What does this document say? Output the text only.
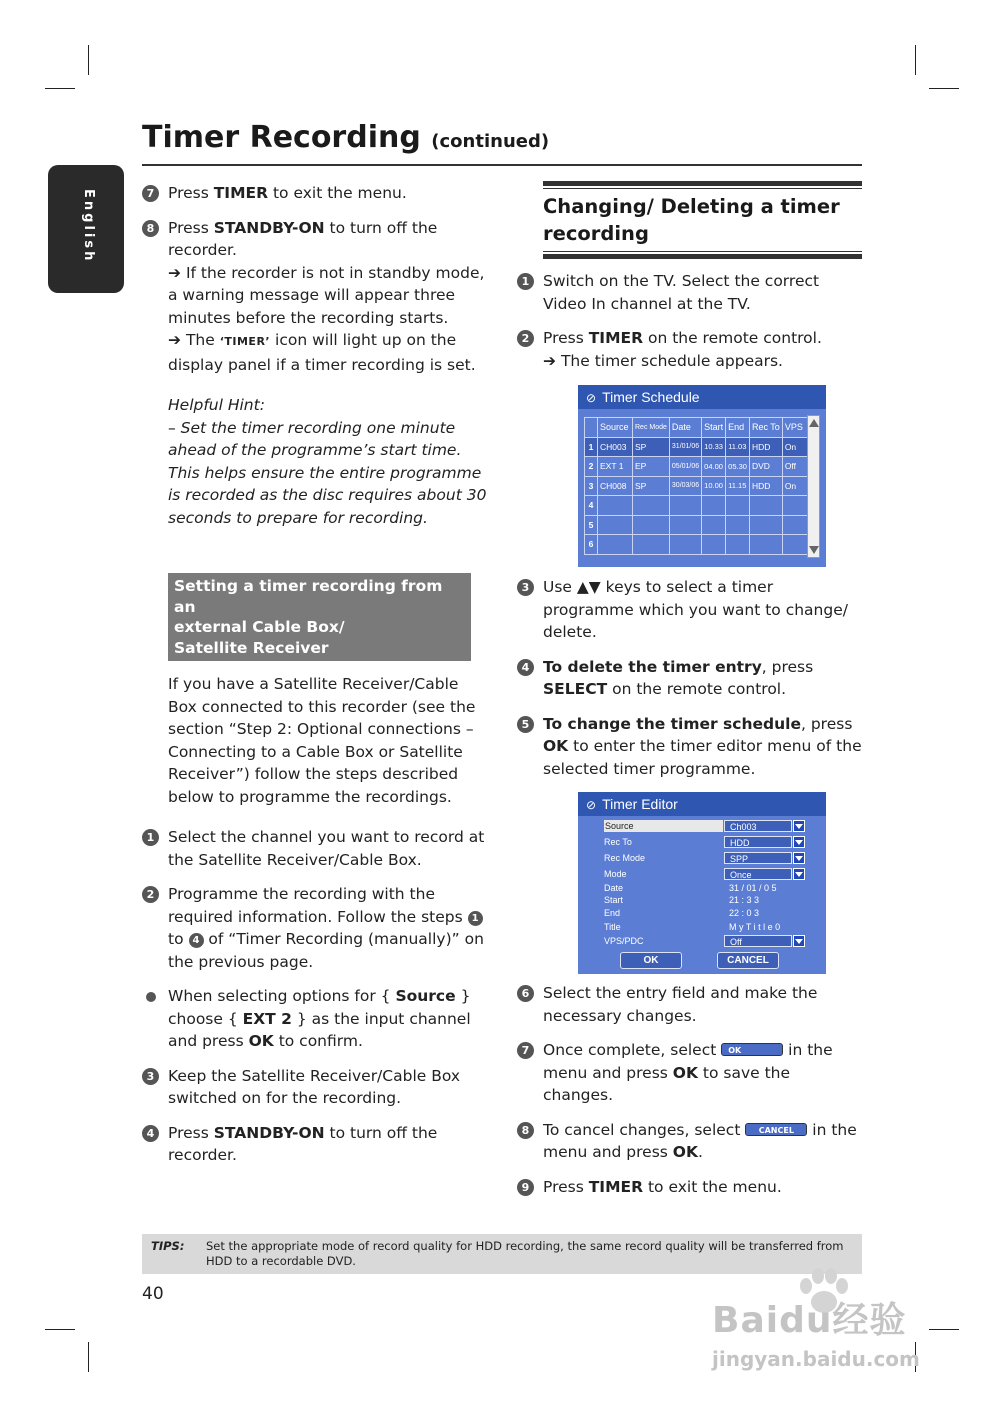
Timer Recording (continued)
English	7 Press TIMER to exit the menu.
8 Press STANDBY-ON to turn off the recorder.
➔ If the recorder is not in standby mode, a warning message will appear three minutes before the recording starts.
➔ The ‘TIMER’ icon will light up on the display panel if a timer recording is set.
Helpful Hint:
– Set the timer recording one minute ahead of the programme’s start time. This helps ensure the entire programme is recorded as the disc requires about 30 seconds to prepare for recording.
Setting a timer recording from an
external Cable Box/
Satellite Receiver
If you have a Satellite Receiver/Cable Box connected to this recorder (see the section “Step 2: Optional connections – Connecting to a Cable Box or Satellite Receiver”) follow the steps described below to programme the recordings.
1 Select the channel you want to record at the Satellite Receiver/Cable Box.
2 Programme the recording with the required information. Follow the steps 1 to 4 of “Timer Recording (manually)” on the previous page.
When selecting options for { Source } choose { EXT 2 } as the input channel and press OK to confirm.
3 Keep the Satellite Receiver/Cable Box switched on for the recording.
4 Press STANDBY-ON to turn off the recorder.
Changing/ Deleting a timer recording
1 Switch on the TV. Select the correct Video In channel at the TV.
2 Press TIMER on the remote control.
➔ The timer schedule appears.
⊘ Timer Schedule
	Source	Rec Mode	Date	Start	End	Rec To	VPS
1	CH003	SP	31/01/06	10.33	11.03	HDD	On
2	EXT 1	EP	05/01/06	04.00	05.30	DVD	Off
3	CH008	SP	30/03/06	10.00	11.15	HDD	On
4							
5							
6							
3 Use ▲▼ keys to select a timer programme which you want to change/ delete.
4 To delete the timer entry, press SELECT on the remote control.
5 To change the timer schedule, press OK to enter the timer editor menu of the selected timer programme.
⊘ Timer Editor
Source	Ch003
Rec To	HDD
Rec Mode	SPP
Mode	Once
Date	31 / 01 / 0 5
Start	21 : 3 3
End	22 : 0 3
Title	M y T i t l e 0
VPS/PDC	Off
OK	CANCEL
6 Select the entry field and make the necessary changes.
7 Once complete, select OK	in the menu and press OK to save the changes.
8 To cancel changes, select CANCEL in the menu and press OK.
9 Press TIMER to exit the menu.
TIPS: Set the appropriate mode of record quality for HDD recording, the same record quality will be transferred from HDD to a recordable DVD.
40
Baidu经验
jingyan.baidu.com
